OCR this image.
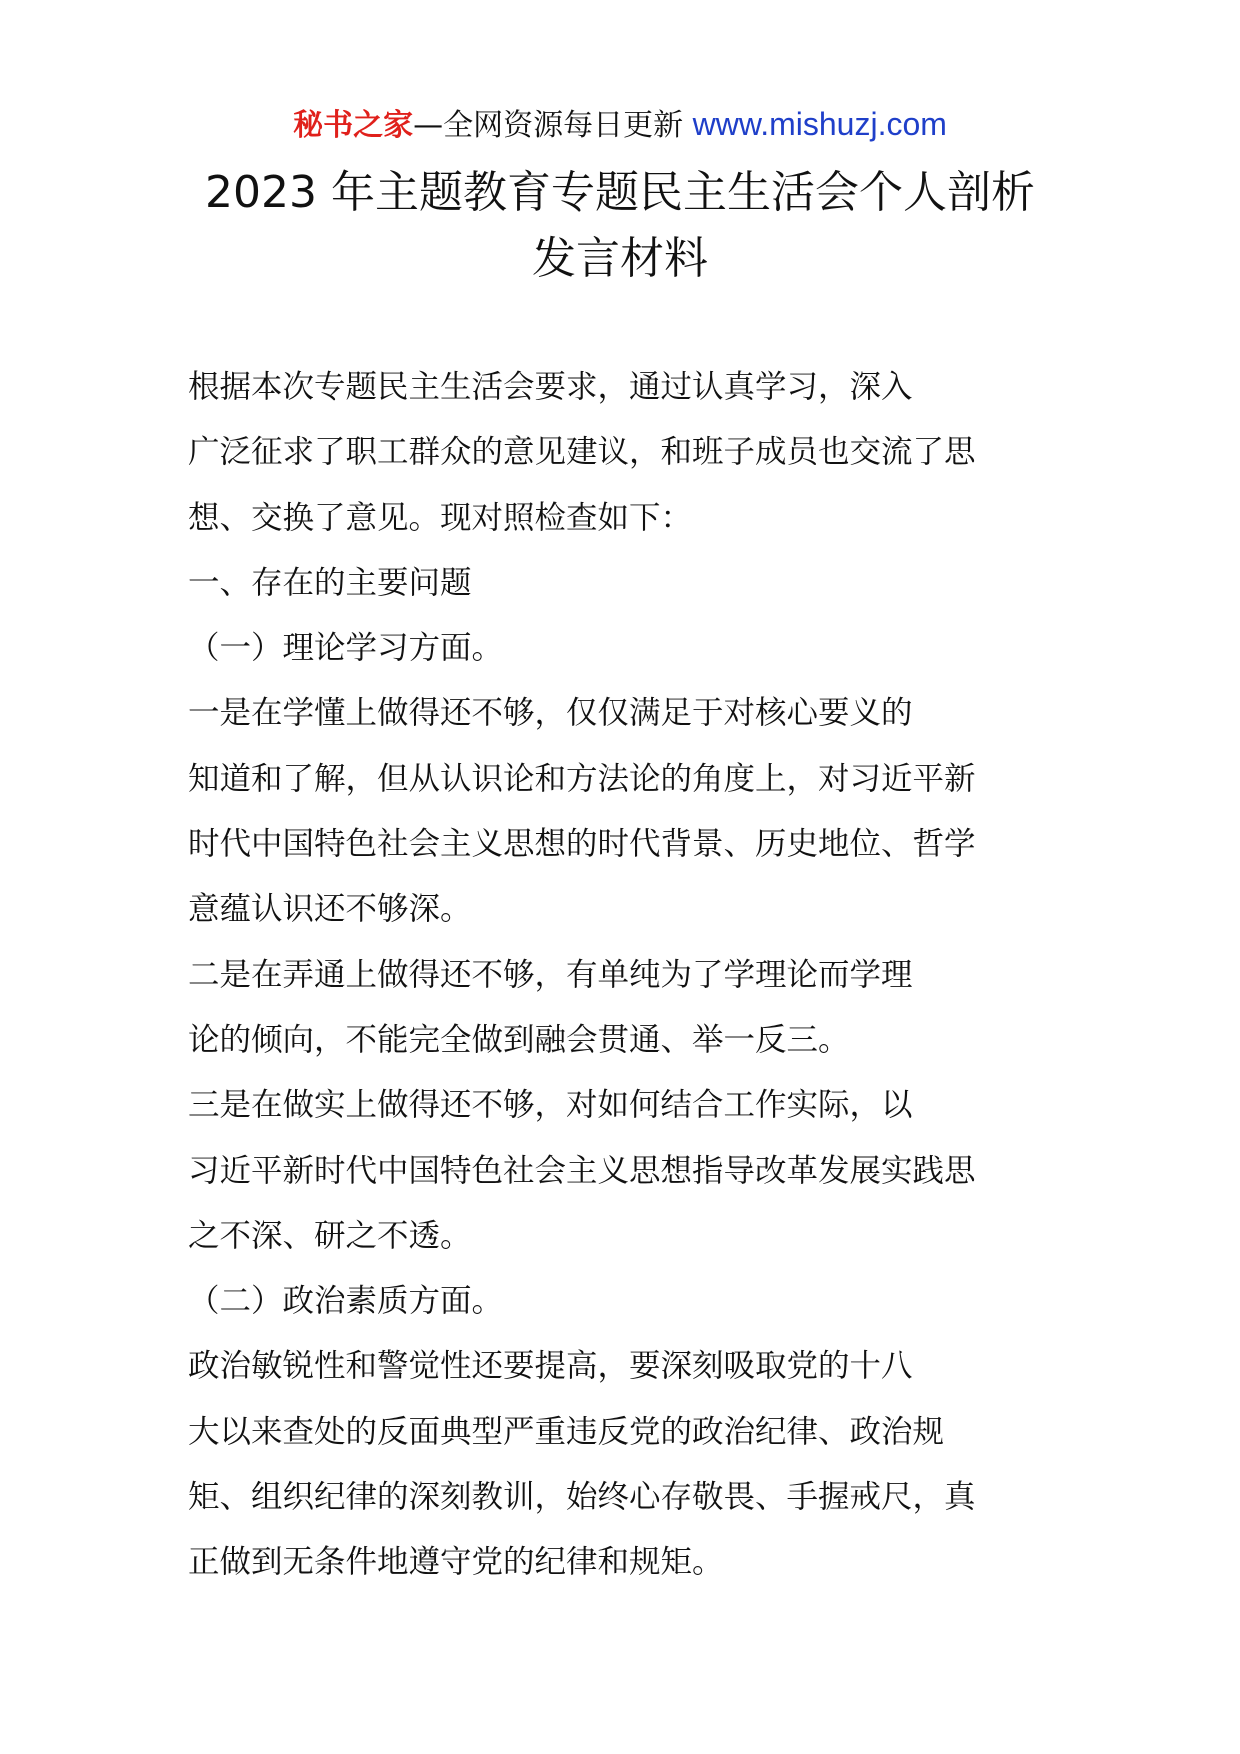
秘书之家—全网资源每日更新 www.mishuzj.com
2023 年主题教育专题民主生活会个人剖析
发言材料

根据本次专题民主生活会要求，通过认真学习，深入
广泛征求了职工群众的意见建议，和班子成员也交流了思
想、交换了意见。现对照检查如下：

一、存在的主要问题

（一）理论学习方面。

一是在学懂上做得还不够，仅仅满足于对核心要义的
知道和了解，但从认识论和方法论的角度上，对习近平新
时代中国特色社会主义思想的时代背景、历史地位、哲学
意蕴认识还不够深。

二是在弄通上做得还不够，有单纯为了学理论而学理
论的倾向，不能完全做到融会贯通、举一反三。

三是在做实上做得还不够，对如何结合工作实际，以
习近平新时代中国特色社会主义思想指导改革发展实践思
之不深、研之不透。

（二）政治素质方面。

政治敏锐性和警觉性还要提高，要深刻吸取党的十八
大以来查处的反面典型严重违反党的政治纪律、政治规
矩、组织纪律的深刻教训，始终心存敬畏、手握戒尺，真
正做到无条件地遵守党的纪律和规矩。
